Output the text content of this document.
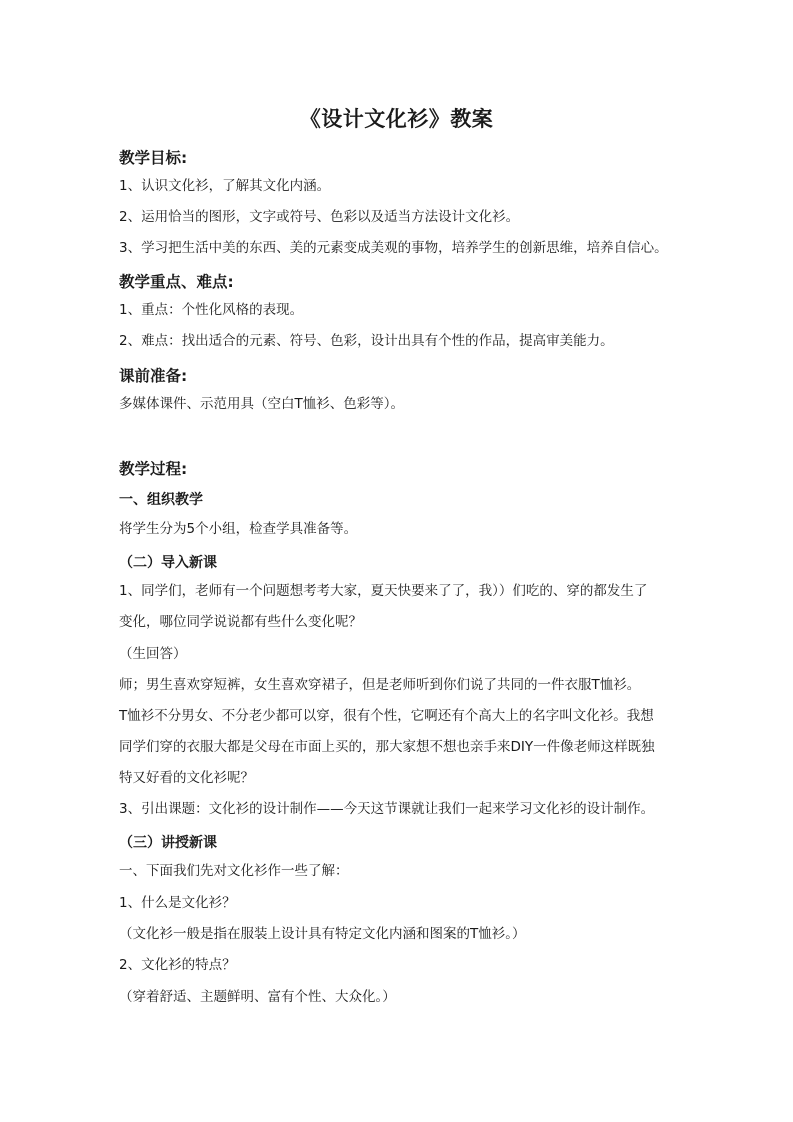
《设计文化衫》教案
教学目标:
1、认识文化衫，了解其文化内涵。
2、运用恰当的图形，文字或符号、色彩以及适当方法设计文化衫。
3、学习把生活中美的东西、美的元素变成美观的事物，培养学生的创新思维，培养自信心。
教学重点、难点:
1、重点：个性化风格的表现。
2、难点：找出适合的元素、符号、色彩，设计出具有个性的作品，提高审美能力。
课前准备:
多媒体课件、示范用具（空白T恤衫、色彩等）。
教学过程:
一、组织教学
将学生分为5个小组，检查学具准备等。
（二）导入新课
1、同学们，老师有一个问题想考考大家，夏天快要来了了，我））们吃的、穿的都发生了
变化，哪位同学说说都有些什么变化呢？
（生回答）
师；男生喜欢穿短裤，女生喜欢穿裙子，但是老师听到你们说了共同的一件衣服T恤衫。
T恤衫不分男女、不分老少都可以穿，很有个性，它啊还有个高大上的名字叫文化衫。我想
同学们穿的衣服大都是父母在市面上买的，那大家想不想也亲手来DIY一件像老师这样既独
特又好看的文化衫呢？
3、引出课题：文化衫的设计制作——今天这节课就让我们一起来学习文化衫的设计制作。
（三）讲授新课
一、下面我们先对文化衫作一些了解：
1、什么是文化衫？
（文化衫一般是指在服装上设计具有特定文化内涵和图案的T恤衫。）
2、文化衫的特点？
（穿着舒适、主题鲜明、富有个性、大众化。）
